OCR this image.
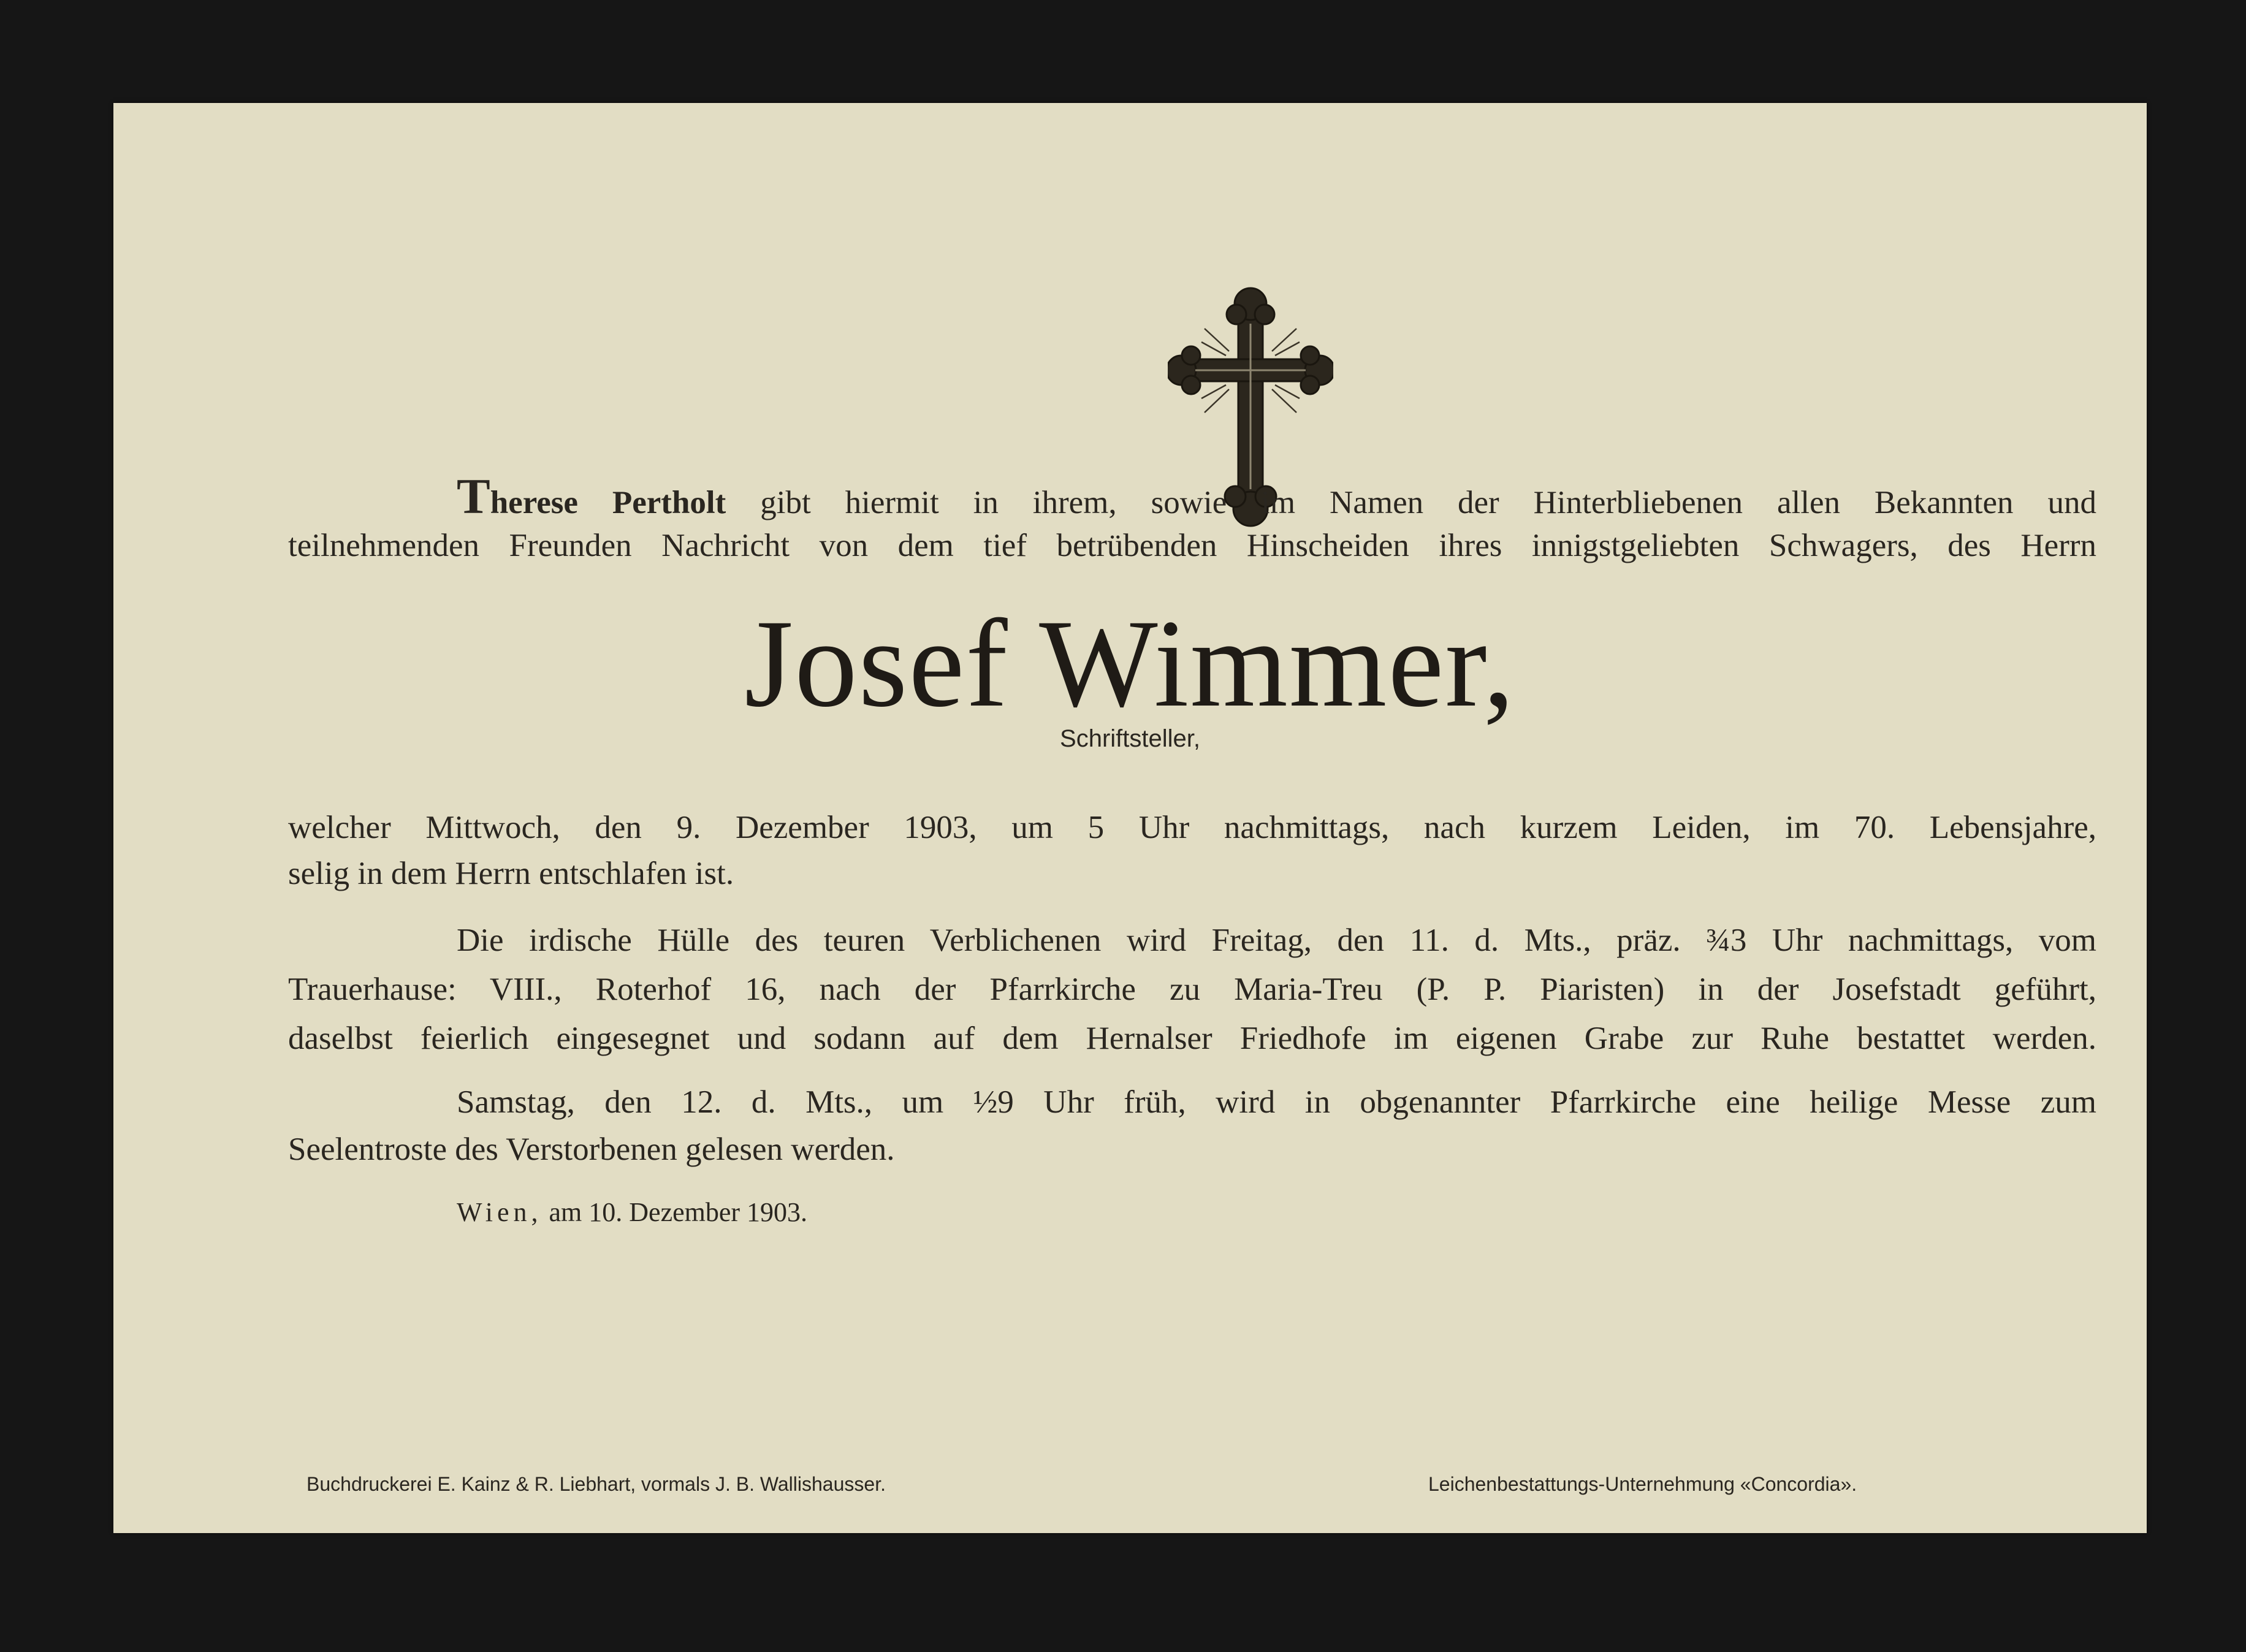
Therese Pertholt gibt hiermit in ihrem, sowie im Namen der Hinterbliebenen allen Bekannten und
teilnehmenden Freunden Nachricht von dem tief betrübenden Hinscheiden ihres innigstgeliebten Schwagers, des Herrn
Josef Wimmer,
Schriftsteller,
welcher Mittwoch, den 9. Dezember 1903, um 5 Uhr nachmittags, nach kurzem Leiden, im 70. Lebensjahre,
selig in dem Herrn entschlafen ist.
Die irdische Hülle des teuren Verblichenen wird Freitag, den 11. d. Mts., präz. ¾3 Uhr nachmittags, vom
Trauerhause: VIII., Roterhof 16, nach der Pfarrkirche zu Maria-Treu (P. P. Piaristen) in der Josefstadt geführt,
daselbst feierlich eingesegnet und sodann auf dem Hernalser Friedhofe im eigenen Grabe zur Ruhe bestattet werden.
Samstag, den 12. d. Mts., um ½9 Uhr früh, wird in obgenannter Pfarrkirche eine heilige Messe zum
Seelentroste des Verstorbenen gelesen werden.
Wien, am 10. Dezember 1903.
Buchdruckerei E. Kainz & R. Liebhart, vormals J. B. Wallishausser.	Leichenbestattungs-Unternehmung «Concordia».
